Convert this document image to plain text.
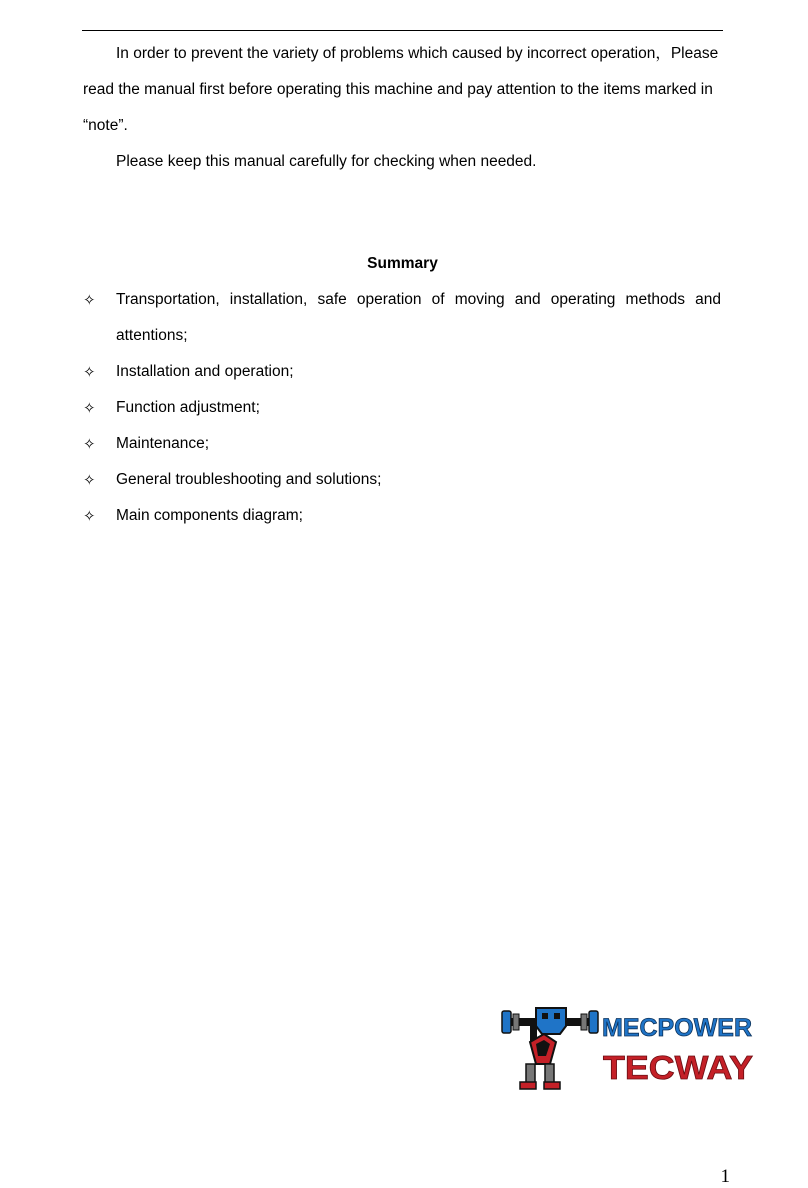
In order to prevent the variety of problems which caused by incorrect operation，Please read the manual first before operating this machine and pay attention to the items marked in “note”.

Please keep this manual carefully for checking when needed.

Summary
✧ Transportation, installation, safe operation of moving and operating methods and attentions;
✧ Installation and operation;
✧ Function adjustment;
✧ Maintenance;
✧ General troubleshooting and solutions;
✧ Main components diagram;
MECPOWER
TECWAY
1
